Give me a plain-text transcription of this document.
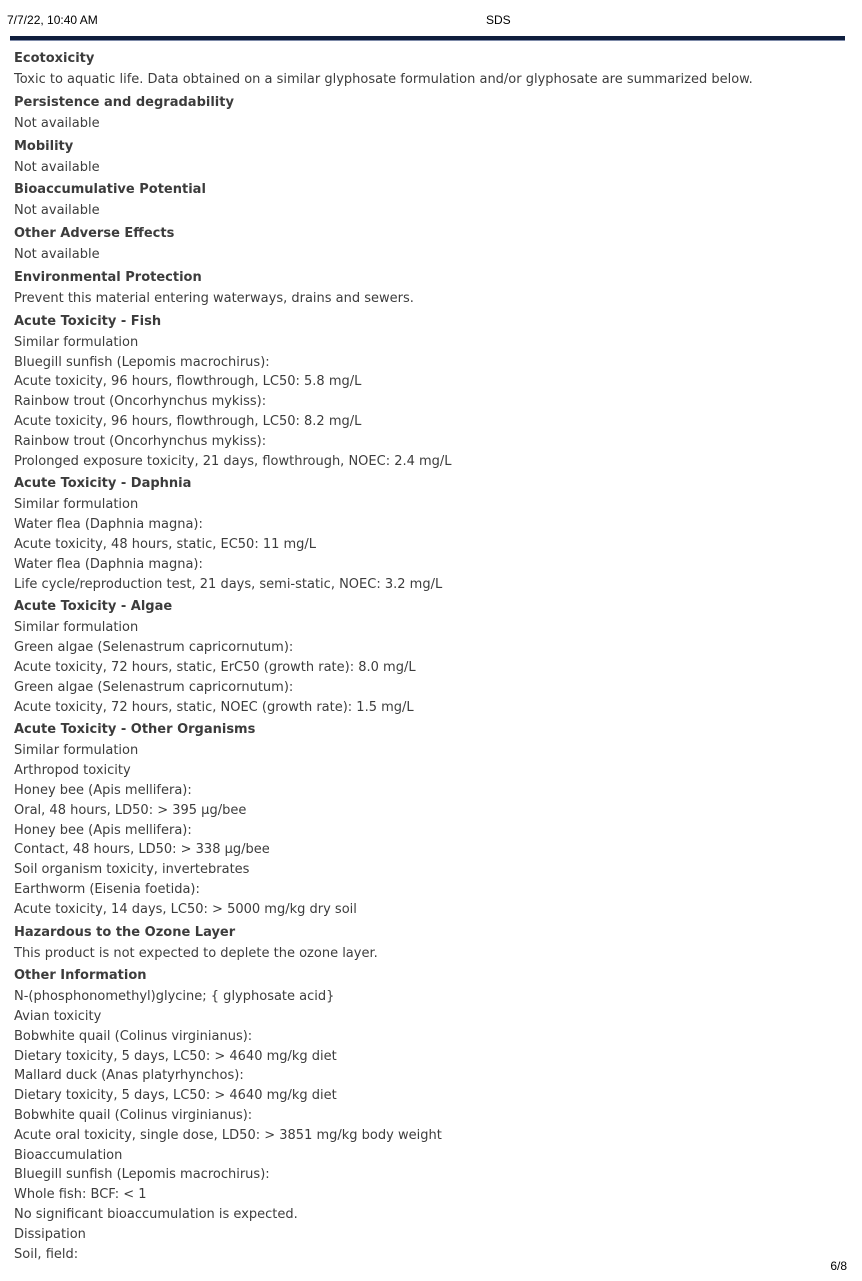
7/7/22, 10:40 AM	SDS
Ecotoxicity
Toxic to aquatic life. Data obtained on a similar glyphosate formulation and/or glyphosate are summarized below.
Persistence and degradability
Not available
Mobility
Not available
Bioaccumulative Potential
Not available
Other Adverse Effects
Not available
Environmental Protection
Prevent this material entering waterways, drains and sewers.
Acute Toxicity - Fish
Similar formulation
Bluegill sunfish (Lepomis macrochirus):
Acute toxicity, 96 hours, flowthrough, LC50: 5.8 mg/L
Rainbow trout (Oncorhynchus mykiss):
Acute toxicity, 96 hours, flowthrough, LC50: 8.2 mg/L
Rainbow trout (Oncorhynchus mykiss):
Prolonged exposure toxicity, 21 days, flowthrough, NOEC: 2.4 mg/L
Acute Toxicity - Daphnia
Similar formulation
Water flea (Daphnia magna):
Acute toxicity, 48 hours, static, EC50: 11 mg/L
Water flea (Daphnia magna):
Life cycle/reproduction test, 21 days, semi-static, NOEC: 3.2 mg/L
Acute Toxicity - Algae
Similar formulation
Green algae (Selenastrum capricornutum):
Acute toxicity, 72 hours, static, ErC50 (growth rate): 8.0 mg/L
Green algae (Selenastrum capricornutum):
Acute toxicity, 72 hours, static, NOEC (growth rate): 1.5 mg/L
Acute Toxicity - Other Organisms
Similar formulation
Arthropod toxicity
Honey bee (Apis mellifera):
Oral, 48 hours, LD50: > 395 µg/bee
Honey bee (Apis mellifera):
Contact, 48 hours, LD50: > 338 µg/bee
Soil organism toxicity, invertebrates
Earthworm (Eisenia foetida):
Acute toxicity, 14 days, LC50: > 5000 mg/kg dry soil
Hazardous to the Ozone Layer
This product is not expected to deplete the ozone layer.
Other Information
N-(phosphonomethyl)glycine; { glyphosate acid}
Avian toxicity
Bobwhite quail (Colinus virginianus):
Dietary toxicity, 5 days, LC50: > 4640 mg/kg diet
Mallard duck (Anas platyrhynchos):
Dietary toxicity, 5 days, LC50: > 4640 mg/kg diet
Bobwhite quail (Colinus virginianus):
Acute oral toxicity, single dose, LD50: > 3851 mg/kg body weight
Bioaccumulation
Bluegill sunfish (Lepomis macrochirus):
Whole fish: BCF: < 1
No significant bioaccumulation is expected.
Dissipation
Soil, field:
6/8
